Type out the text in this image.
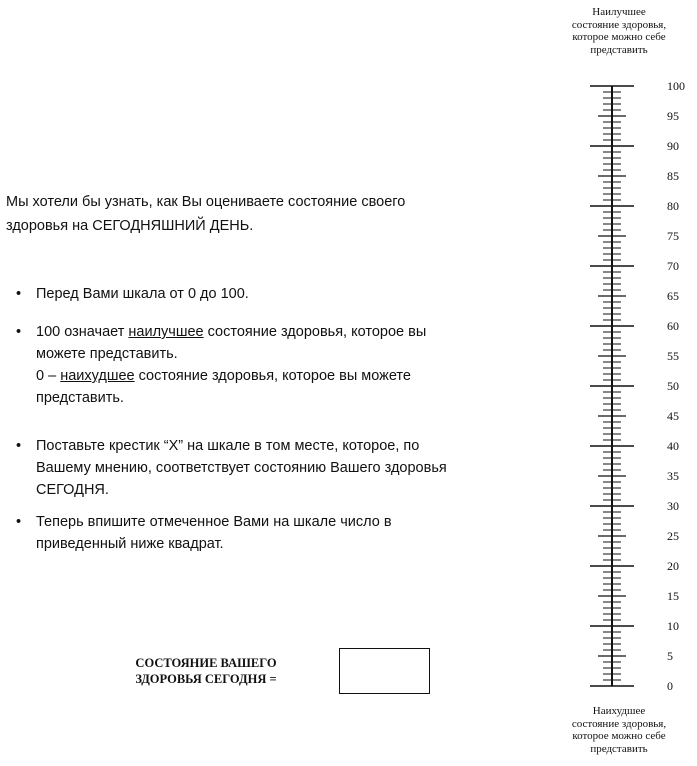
Наилучшее
состояние здоровья,
которое можно себе
представить
Мы хотели бы узнать, как Вы оцениваете состояние своего
здоровья на СЕГОДНЯШНИЙ ДЕНЬ.
• Перед Вами шкала от 0 до 100.
• 100 означает наилучшее состояние здоровья, которое вы
можете представить.
0 – наихудшее состояние здоровья, которое вы можете
представить.
• Поставьте крестик “X” на шкале в том месте, которое, по
Вашему мнению, соответствует состоянию Вашего здоровья
СЕГОДНЯ.
• Теперь впишите отмеченное Вами на шкале число в
приведенный ниже квадрат.
СОСТОЯНИЕ ВАШЕГО
ЗДОРОВЬЯ СЕГОДНЯ =	0
5
10
15
20
25
30
35
40
45
50
55
60
65
70
75
80
85
90
95
100
Наихудшее
состояние здоровья,
которое можно себе
представить
